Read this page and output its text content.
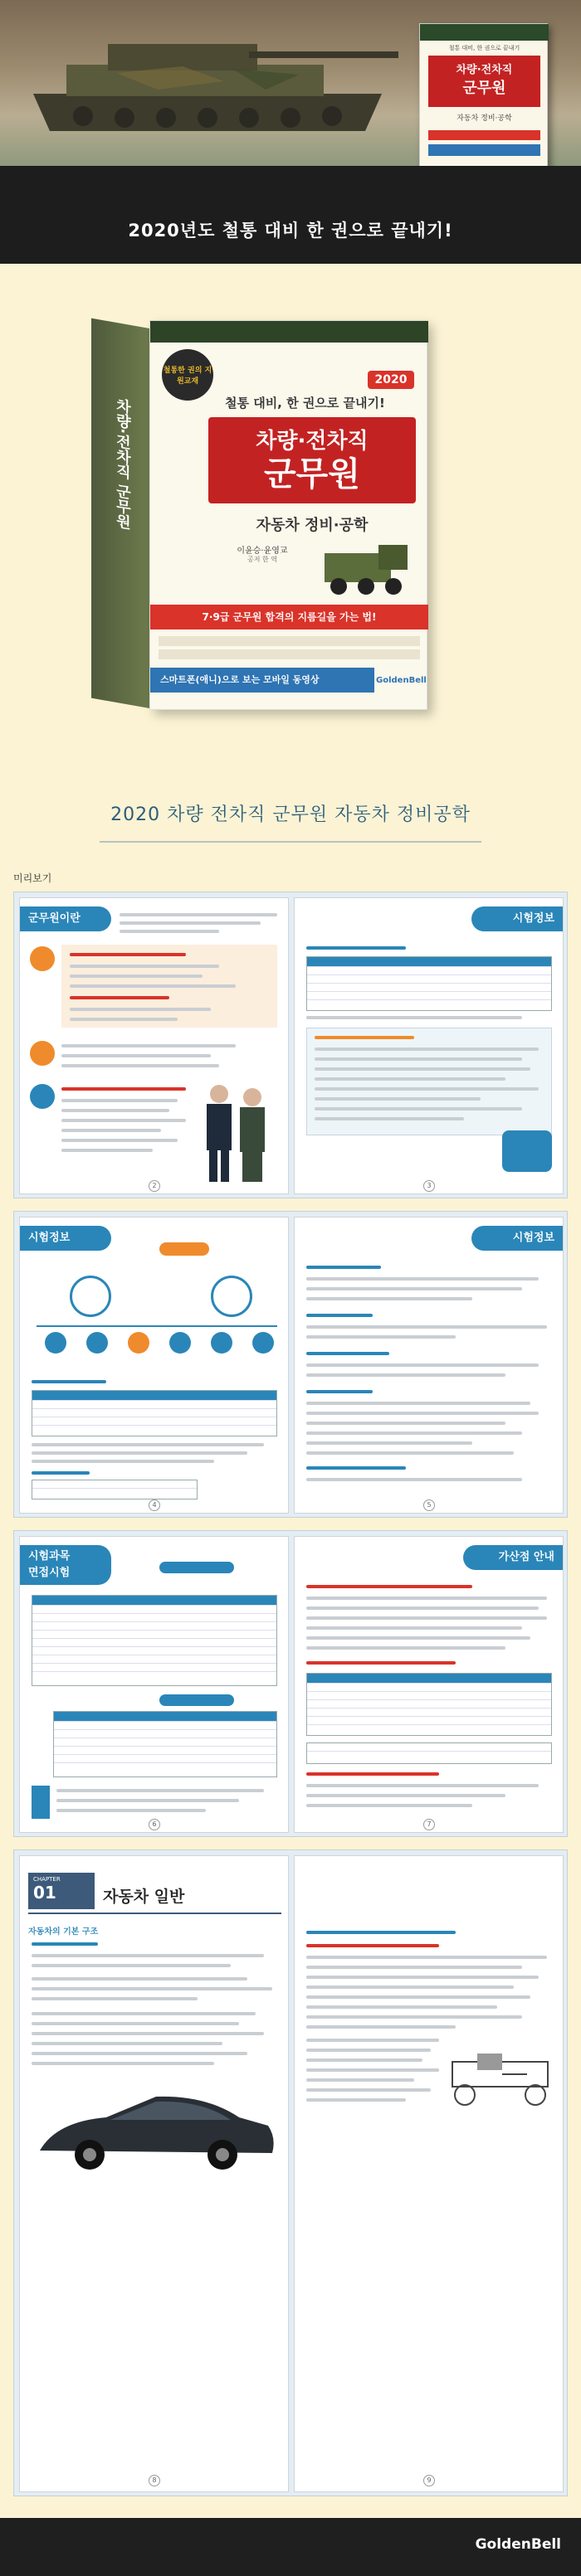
철통 대비, 한 권으로 끝내기
차량·전차직
군무원
자동차 정비·공학
2020년도 철통 대비 한 권으로 끝내기!
차량·전차직 군무원
철통한 권의 지원교재
철통 대비, 한 권으로 끝내기!
2020
차량·전차직
군무원
자동차 정비·공학
이윤승·윤영교
공저 한 역
7·9급 군무원 합격의 지름길을 가는 법!
스마트폰(애니)으로 보는 모바일 동영상	GoldenBell
2020 차량 전차직 군무원 자동차 정비공학
미리보기
군무원이란
2
시험정보
3
시험정보
4
시험정보
5
시험과목
면접시험
6
가산점 안내
7
CHAPTER
01	자동차 일반
자동차의 기본 구조
8	9
GoldenBell
